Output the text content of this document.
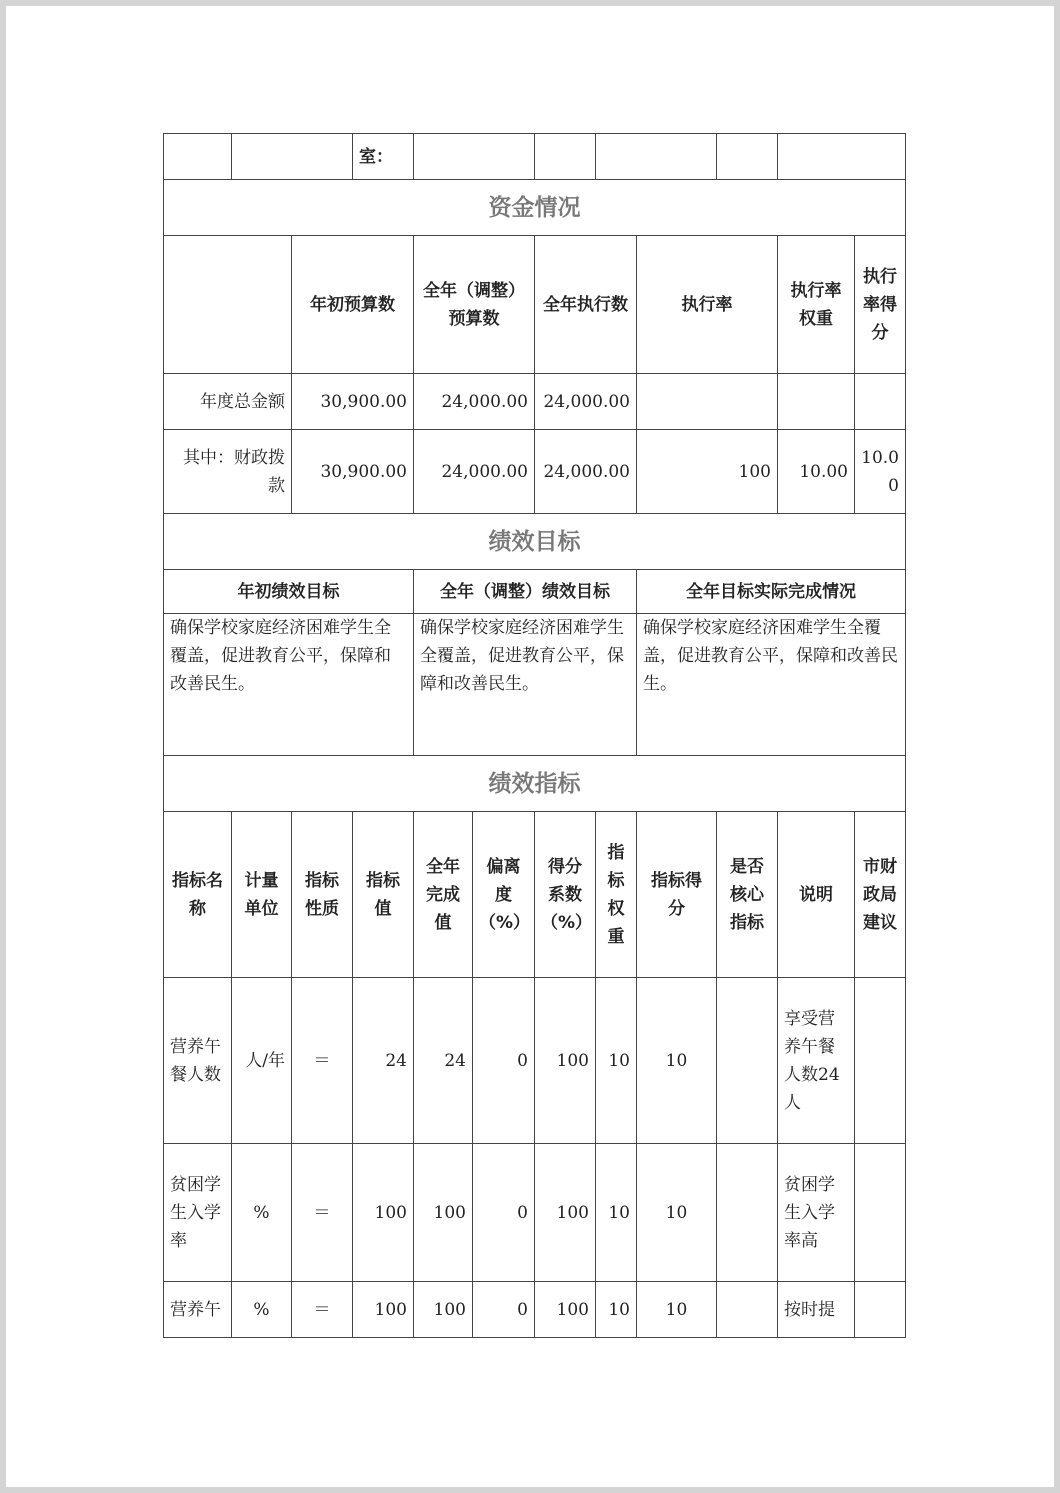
			室：								
资金情况											
		年初预算数		全年（调整）预算数		全年执行数		执行率		执行率权重	执行率得分
年度总金额		30,900.00		24,000.00		24,000.00					
其中：财政拨款		30,900.00		24,000.00		24,000.00		100		10.00	10.00
绩效目标											
年初绩效目标				全年（调整）绩效目标				全年目标实际完成情况			
确保学校家庭经济困难学生全覆盖，促进教育公平，保障和改善民生。				确保学校家庭经济困难学生全覆盖，促进教育公平，保障和改善民生。				确保学校家庭经济困难学生全覆盖，促进教育公平，保障和改善民生。			
绩效指标											
指标名称	计量单位	指标性质	指标值	全年完成值	偏离度（%）	得分系数（%）	指标权重	指标得分	是否核心指标	说明	市财政局建议
营养午餐人数	人/年	＝	24	24	0	100	10	10		享受营养午餐人数24人	
贫困学生入学率	%	＝	100	100	0	100	10	10		贫困学生入学率高	
营养午	%	＝	100	100	0	100	10	10		按时提	
